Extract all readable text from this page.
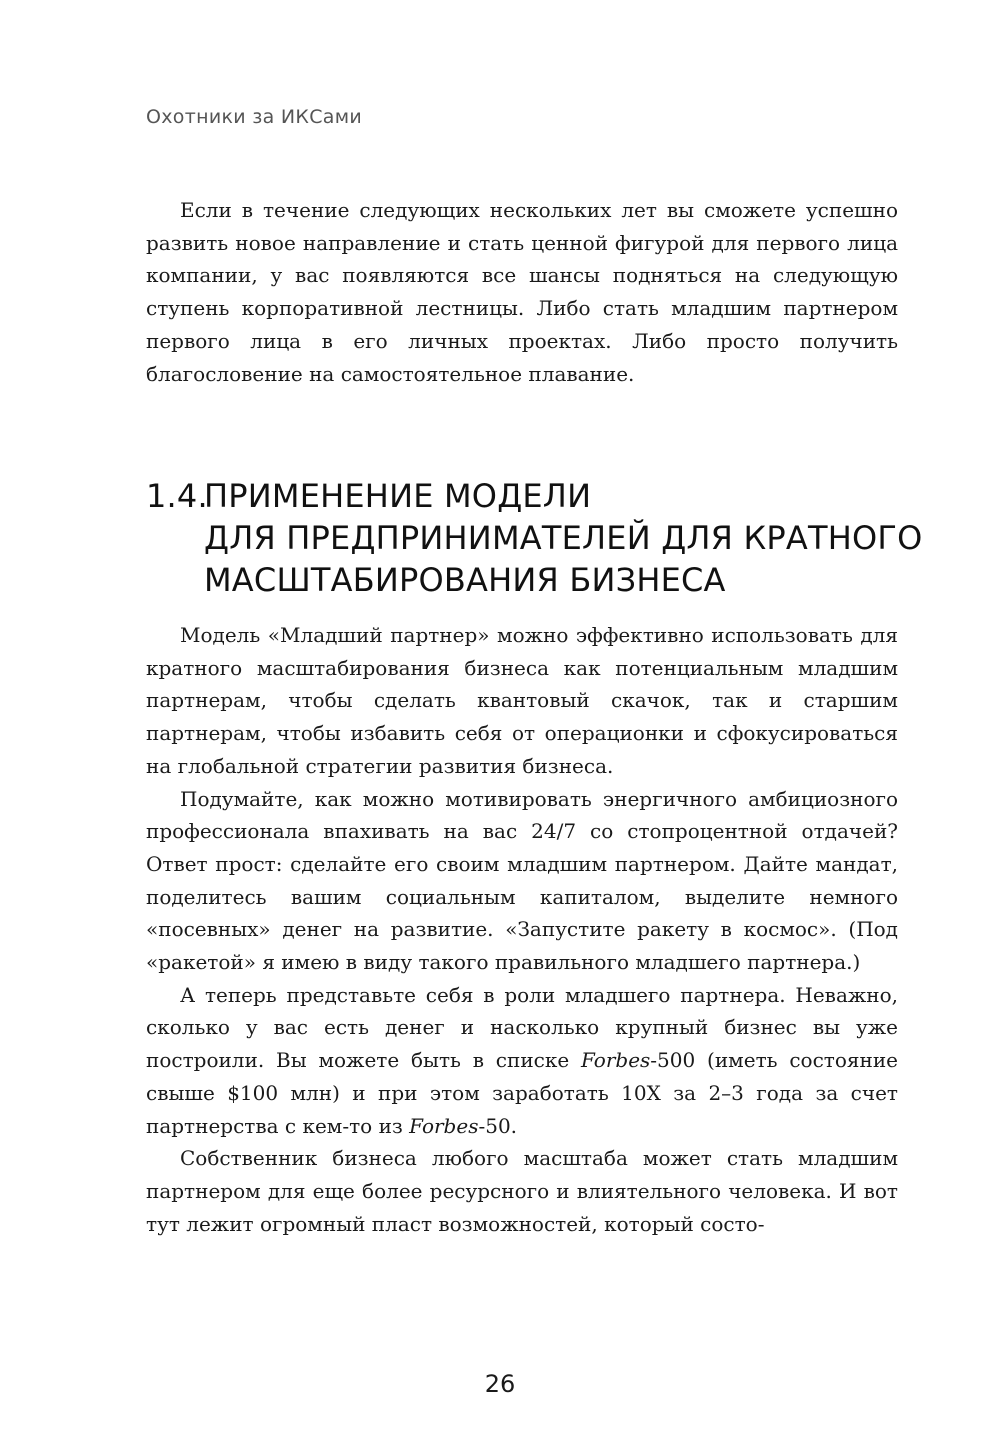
Охотники за ИКСами

Если в течение следующих нескольких лет вы сможете успешно развить новое направление и стать ценной фигурой для первого лица компании, у вас появляются все шансы подняться на следующую ступень корпоративной лестницы. Либо стать младшим партнером первого лица в его личных проектах. Либо просто получить благословение на самостоятельное плавание.

1.4.ПРИМЕНЕНИЕ МОДЕЛИ
ДЛЯ ПРЕДПРИНИМАТЕЛЕЙ ДЛЯ КРАТНОГО
МАСШТАБИРОВАНИЯ БИЗНЕСА

Модель «Младший партнер» можно эффективно использовать для кратного масштабирования бизнеса как потенциальным младшим партнерам, чтобы сделать квантовый скачок, так и старшим партнерам, чтобы избавить себя от операционки и сфокусироваться на глобальной стратегии развития бизнеса.

Подумайте, как можно мотивировать энергичного амбициозного профессионала впахивать на вас 24/7 со стопроцентной отдачей? Ответ прост: сделайте его своим младшим партнером. Дайте мандат, поделитесь вашим социальным капиталом, выделите немного «посевных» денег на развитие. «Запустите ракету в космос». (Под «ракетой» я имею в виду такого правильного младшего партнера.)

А теперь представьте себя в роли младшего партнера. Неважно, сколько у вас есть денег и насколько крупный бизнес вы уже построили. Вы можете быть в списке Forbes-500 (иметь состояние свыше $100 млн) и при этом заработать 10Х за 2–3 года за счет партнерства с кем-то из Forbes-50.

Собственник бизнеса любого масштаба может стать младшим партнером для еще более ресурсного и влиятельного человека. И вот тут лежит огромный пласт возможностей, который состо-

26
